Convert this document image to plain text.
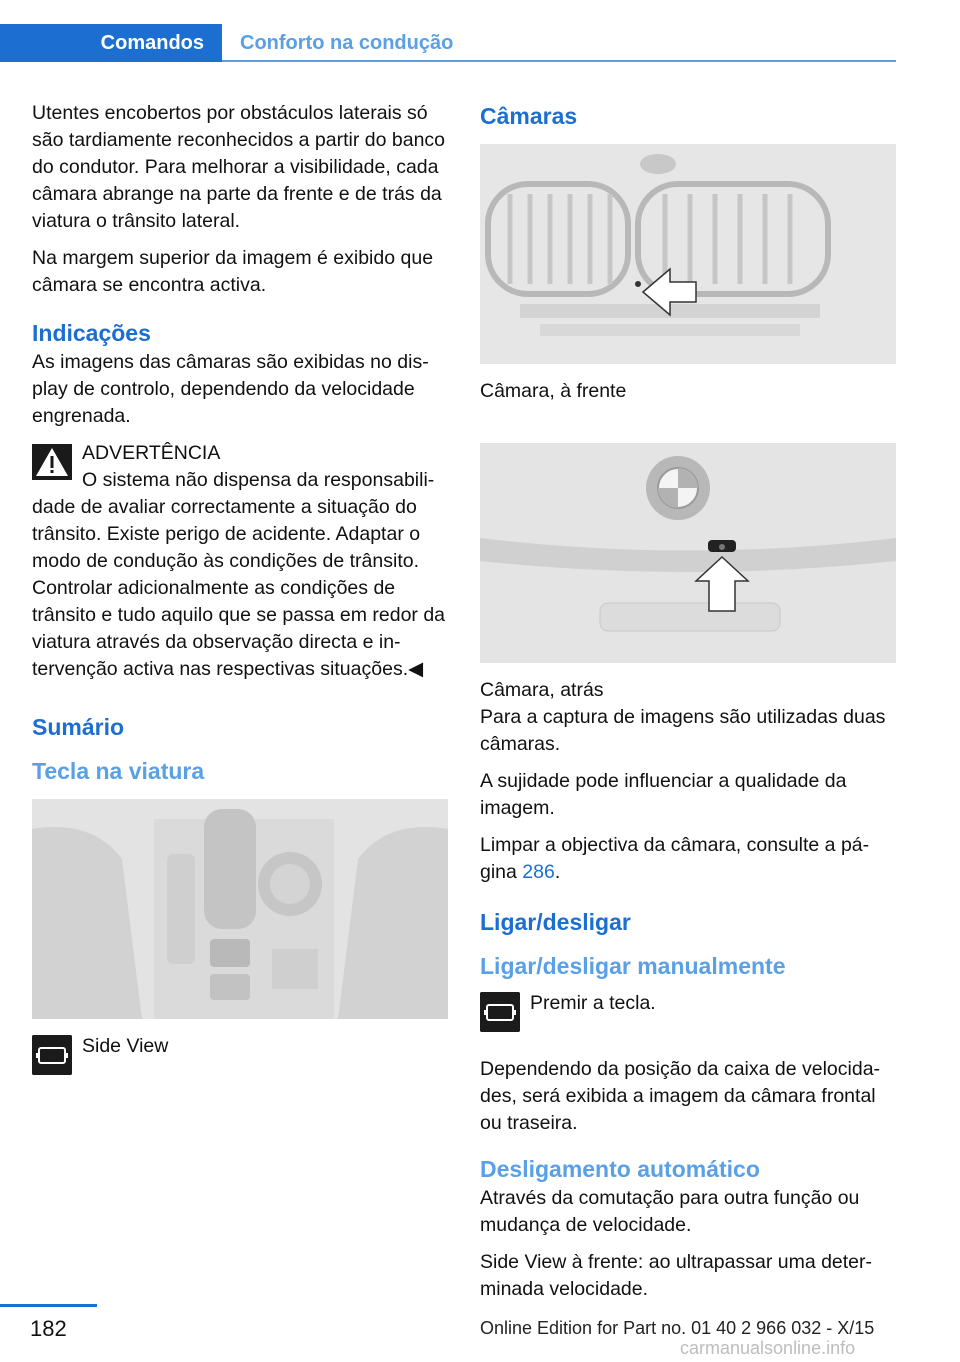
Comandos	Conforto na condução

Utentes encobertos por obstáculos laterais só são tardiamente reconhecidos a partir do banco do condutor. Para melhorar a visibilidade, cada câmara abrange na parte da frente e de trás da viatura o trânsito lateral.

Na margem superior da imagem é exibido que câmara se encontra activa.

Indicações

As imagens das câmaras são exibidas no display de controlo, dependendo da velocidade engrenada.

ADVERTÊNCIA

O sistema não dispensa da responsabilidade de avaliar correctamente a situação do trânsito. Existe perigo de acidente. Adaptar o modo de condução às condições de trânsito. Controlar adicionalmente as condições de trânsito e tudo aquilo que se passa em redor da viatura através da observação directa e intervenção activa nas respectivas situações.◀

Sumário
Tecla na viatura

Side View

Câmaras

Câmara, à frente

Câmara, atrás

Para a captura de imagens são utilizadas duas câmaras.

A sujidade pode influenciar a qualidade da imagem.

Limpar a objectiva da câmara, consulte a página 286.

Ligar/desligar
Ligar/desligar manualmente

Premir a tecla.

Dependendo da posição da caixa de velocidades, será exibida a imagem da câmara frontal ou traseira.

Desligamento automático

Através da comutação para outra função ou mudança de velocidade.

Side View à frente: ao ultrapassar uma determinada velocidade.

182	Online Edition for Part no. 01 40 2 966 032 - X/15
carmanualsonline.info
